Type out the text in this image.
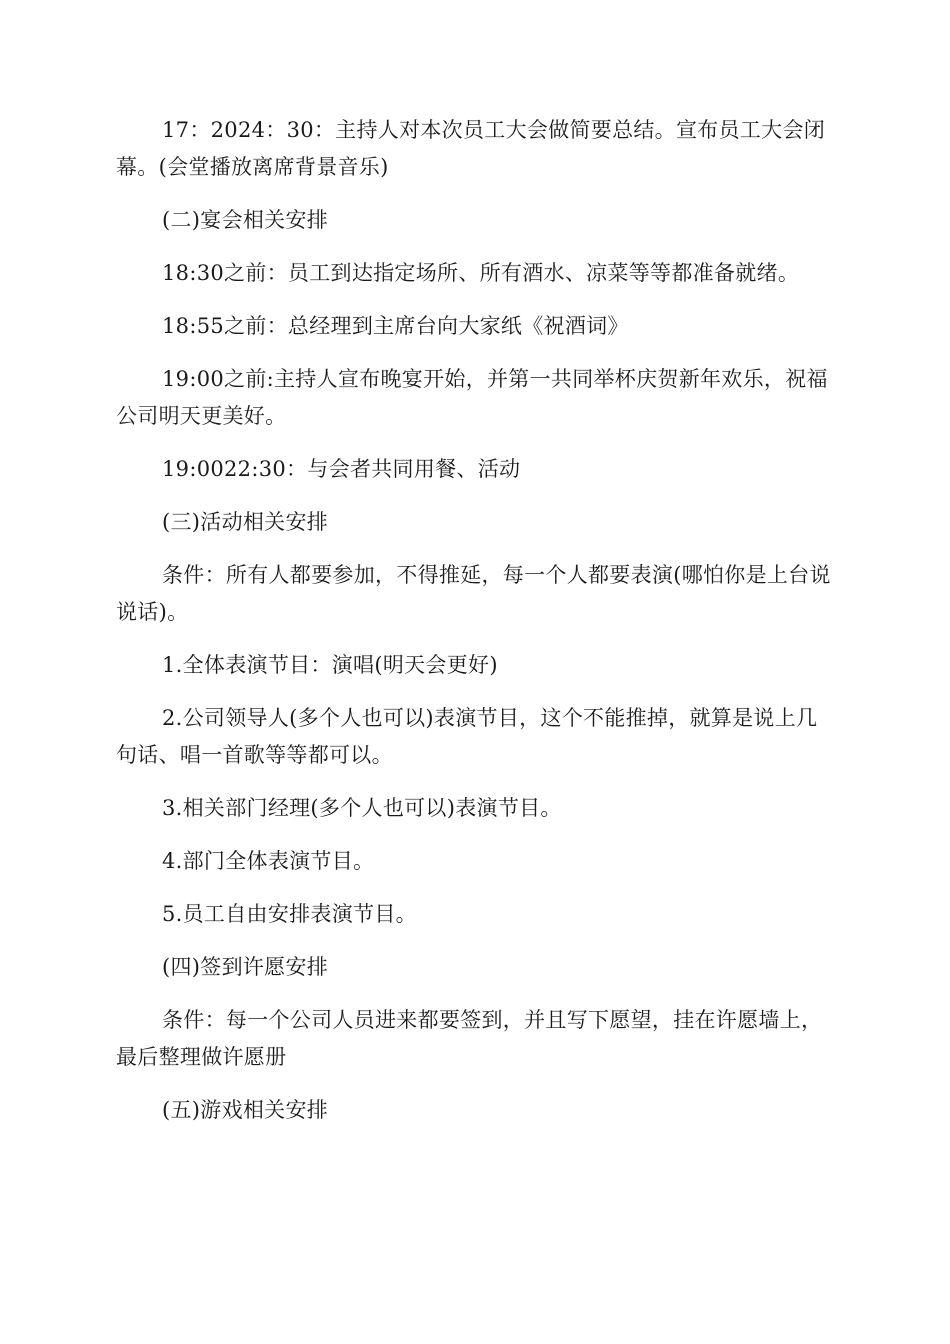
17：2024：30：主持人对本次员工大会做简要总结。宣布员工大会闭幕。(会堂播放离席背景音乐)

(二)宴会相关安排

18:30之前：员工到达指定场所、所有酒水、凉菜等等都准备就绪。

18:55之前：总经理到主席台向大家纸《祝酒词》

19:00之前:主持人宣布晚宴开始，并第一共同举杯庆贺新年欢乐，祝福公司明天更美好。

19:0022:30：与会者共同用餐、活动

(三)活动相关安排

条件：所有人都要参加，不得推延，每一个人都要表演(哪怕你是上台说说话)。

1.全体表演节目：演唱(明天会更好)

2.公司领导人(多个人也可以)表演节目，这个不能推掉，就算是说上几句话、唱一首歌等等都可以。

3.相关部门经理(多个人也可以)表演节目。

4.部门全体表演节目。

5.员工自由安排表演节目。

(四)签到许愿安排

条件：每一个公司人员进来都要签到，并且写下愿望，挂在许愿墙上，最后整理做许愿册

(五)游戏相关安排
